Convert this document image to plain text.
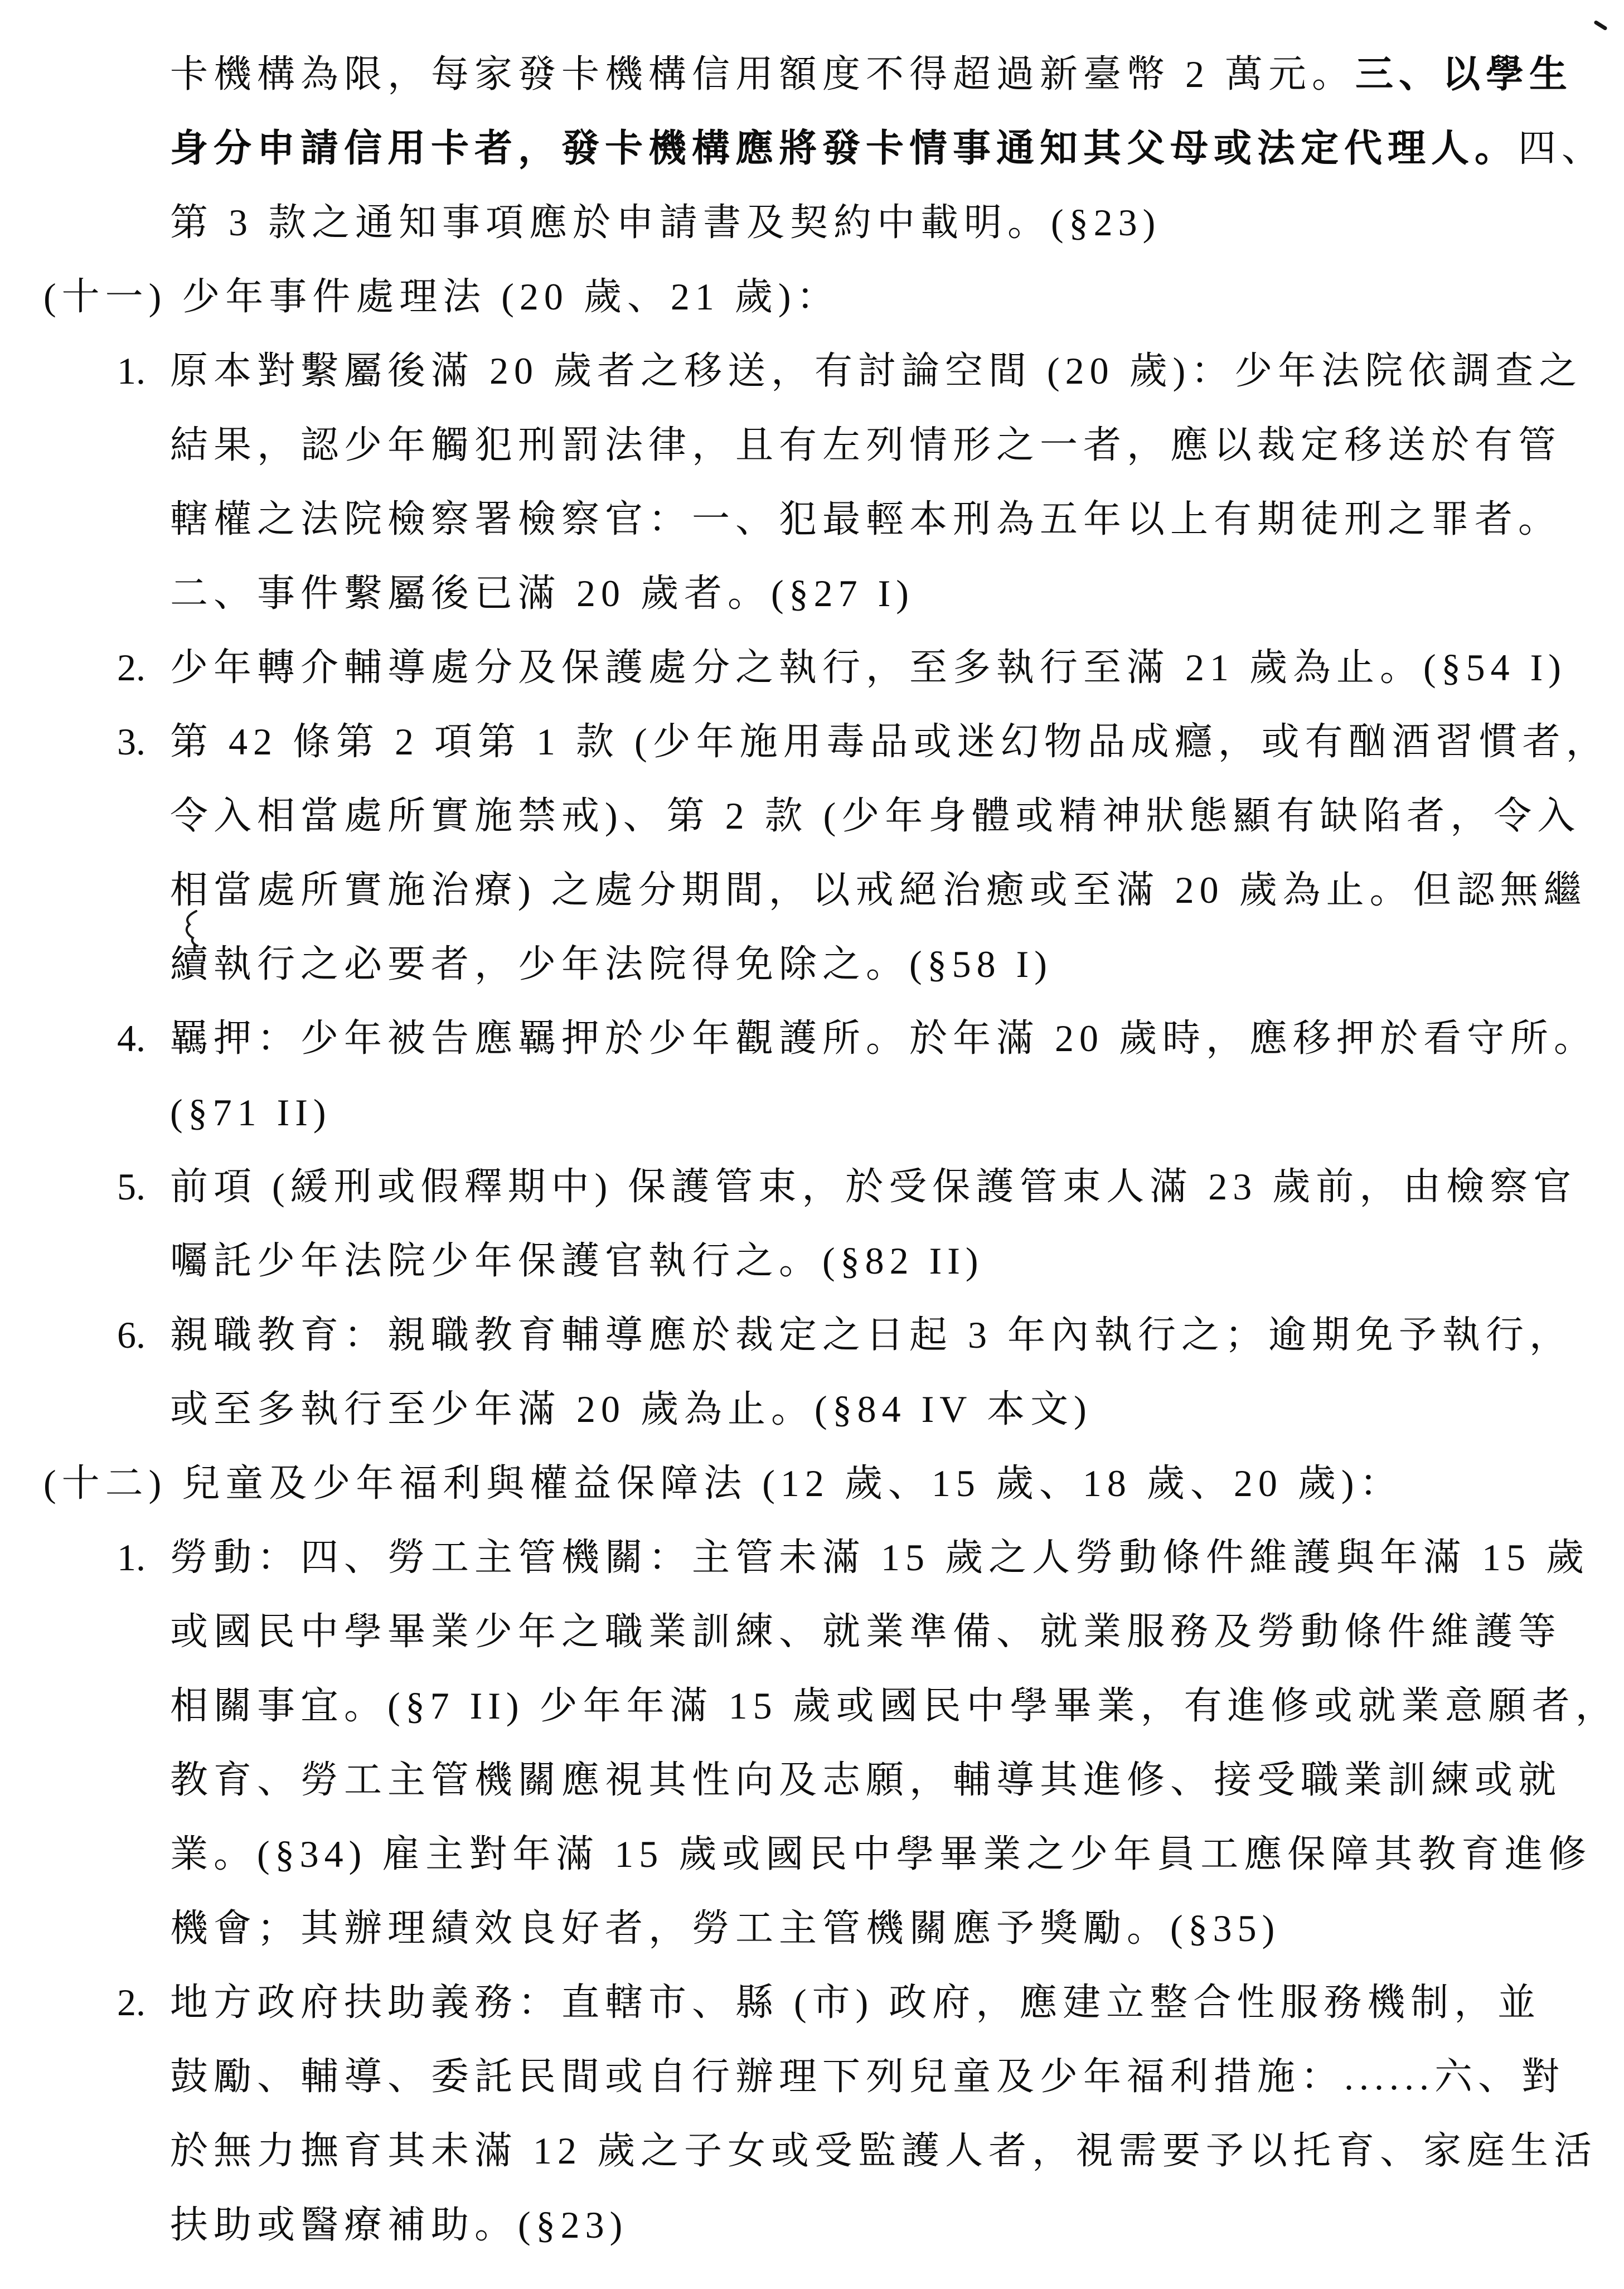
卡機構為限，每家發卡機構信用額度不得超過新臺幣 2 萬元。三、以學生
身分申請信用卡者，發卡機構應將發卡情事通知其父母或法定代理人。四、
第 3 款之通知事項應於申請書及契約中載明。(§23)
(十一) 少年事件處理法 (20 歲、21 歲)：
1. 原本對繫屬後滿 20 歲者之移送，有討論空間 (20 歲)：少年法院依調查之
結果，認少年觸犯刑罰法律，且有左列情形之一者，應以裁定移送於有管
轄權之法院檢察署檢察官：一、犯最輕本刑為五年以上有期徒刑之罪者。
二、事件繫屬後已滿 20 歲者。(§27 I)
2. 少年轉介輔導處分及保護處分之執行，至多執行至滿 21 歲為止。(§54 I)
3. 第 42 條第 2 項第 1 款 (少年施用毒品或迷幻物品成癮，或有酗酒習慣者，
令入相當處所實施禁戒)、第 2 款 (少年身體或精神狀態顯有缺陷者，令入
相當處所實施治療) 之處分期間，以戒絕治癒或至滿 20 歲為止。但認無繼
續執行之必要者，少年法院得免除之。(§58 I)
4. 羈押：少年被告應羈押於少年觀護所。於年滿 20 歲時，應移押於看守所。
(§71 II)
5. 前項 (緩刑或假釋期中) 保護管束，於受保護管束人滿 23 歲前，由檢察官
囑託少年法院少年保護官執行之。(§82 II)
6. 親職教育：親職教育輔導應於裁定之日起 3 年內執行之；逾期免予執行，
或至多執行至少年滿 20 歲為止。(§84 IV 本文)
(十二) 兒童及少年福利與權益保障法 (12 歲、15 歲、18 歲、20 歲)：
1. 勞動：四、勞工主管機關：主管未滿 15 歲之人勞動條件維護與年滿 15 歲
或國民中學畢業少年之職業訓練、就業準備、就業服務及勞動條件維護等
相關事宜。(§7 II) 少年年滿 15 歲或國民中學畢業，有進修或就業意願者，
教育、勞工主管機關應視其性向及志願，輔導其進修、接受職業訓練或就
業。(§34) 雇主對年滿 15 歲或國民中學畢業之少年員工應保障其教育進修
機會；其辦理績效良好者，勞工主管機關應予獎勵。(§35)
2. 地方政府扶助義務：直轄市、縣 (市) 政府，應建立整合性服務機制，並
鼓勵、輔導、委託民間或自行辦理下列兒童及少年福利措施：......六、對
於無力撫育其未滿 12 歲之子女或受監護人者，視需要予以托育、家庭生活
扶助或醫療補助。(§23)
